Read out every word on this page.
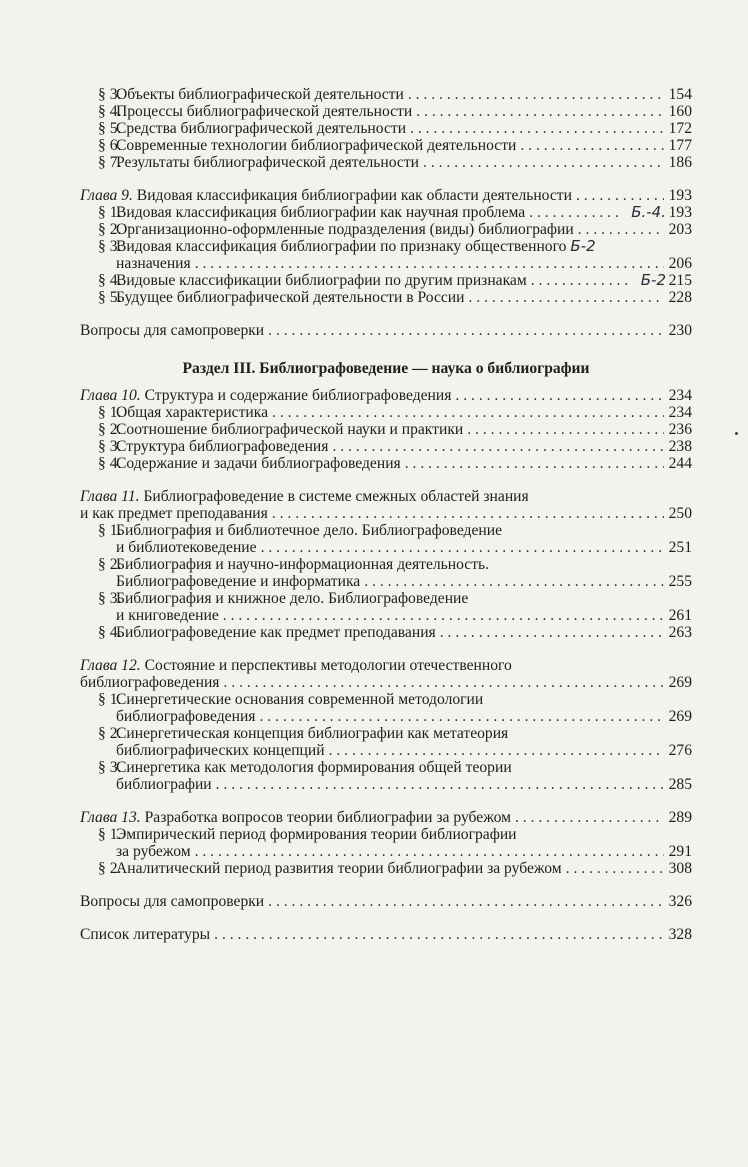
§ 3.
Объекты библиографической деятельности . . .	154
§ 4.
Процессы библиографической деятельности . . .	160
§ 5.
Средства библиографической деятельности . . .	172
§ 6.
Современные технологии библиографической деятельности . . .	177
§ 7.
Результаты библиографической деятельности . . .	186
Глава 9. Видовая классификация библиографии как области деятельности . . .	193
§ 1.
Видовая классификация библиографии как научная проблема . . .	Б.-4. 193
§ 2.
Организационно-оформленные подразделения (виды) библиографии . . .	203
§ 3.
Видовая классификация библиографии по признаку общественного Б-2
назначения . . .	206
§ 4.
Видовые классификации библиографии по другим признакам . . .	Б-2 215
§ 5.
Будущее библиографической деятельности в России . . .	228
Вопросы для самопроверки . . .	230
Раздел III. Библиографоведение — наука о библиографии
Глава 10. Структура и содержание библиографоведения . . .	234
§ 1.
Общая характеристика . . .	234
§ 2.
Соотношение библиографической науки и практики . . .	236
§ 3.
Структура библиографоведения . . .	238
§ 4.
Содержание и задачи библиографоведения . . .	244
Глава 11. Библиографоведение в системе смежных областей знания
и как предмет преподавания . . .	250
§ 1.
Библиография и библиотечное дело. Библиографоведение
и библиотековедение . . .	251
§ 2.
Библиография и научно-информационная деятельность.
Библиографоведение и информатика . . .	255
§ 3.
Библиография и книжное дело. Библиографоведение
и книговедение . . .	261
§ 4.
Библиографоведение как предмет преподавания . . .	263
Глава 12. Состояние и перспективы методологии отечественного
библиографоведения . . .	269
§ 1.
Синергетические основания современной методологии
библиографоведения . . .	269
§ 2.
Синергетическая концепция библиографии как метатеория
библиографических концепций . . .	276
§ 3.
Синергетика как методология формирования общей теории
библиографии . . .	285
Глава 13. Разработка вопросов теории библиографии за рубежом . . .	289
§ 1.
Эмпирический период формирования теории библиографии
за рубежом . . .	291
§ 2.
Аналитический период развития теории библиографии за рубежом . . .	308
Вопросы для самопроверки . . .	326
Список литературы . . .	328
